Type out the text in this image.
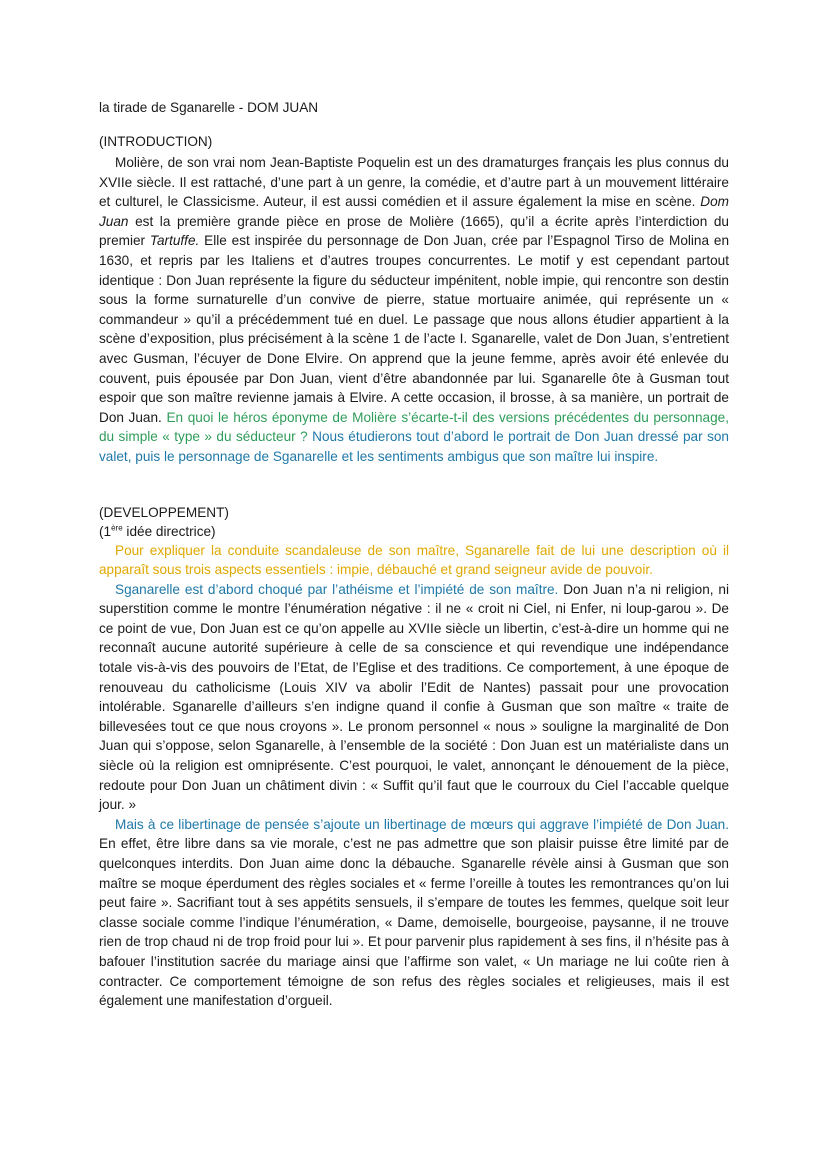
la tirade de Sganarelle - DOM JUAN
(INTRODUCTION)

Molière, de son vrai nom Jean-Baptiste Poquelin est un des dramaturges français les plus connus du XVIIe siècle. Il est rattaché, d’une part à un genre, la comédie, et d’autre part à un mouvement littéraire et culturel, le Classicisme. Auteur, il est aussi comédien et il assure également la mise en scène. Dom Juan est la première grande pièce en prose de Molière (1665), qu’il a écrite après l’interdiction du premier Tartuffe. Elle est inspirée du personnage de Don Juan, crée par l’Espagnol Tirso de Molina en 1630, et repris par les Italiens et d’autres troupes concurrentes. Le motif y est cependant partout identique : Don Juan représente la figure du séducteur impénitent, noble impie, qui rencontre son destin sous la forme surnaturelle d’un convive de pierre, statue mortuaire animée, qui représente un « commandeur » qu’il a précédemment tué en duel. Le passage que nous allons étudier appartient à la scène d’exposition, plus précisément à la scène 1 de l’acte I. Sganarelle, valet de Don Juan, s’entretient avec Gusman, l’écuyer de Done Elvire. On apprend que la jeune femme, après avoir été enlevée du couvent, puis épousée par Don Juan, vient d’être abandonnée par lui. Sganarelle ôte à Gusman tout espoir que son maître revienne jamais à Elvire. A cette occasion, il brosse, à sa manière, un portrait de Don Juan. En quoi le héros éponyme de Molière s’écarte-t-il des versions précédentes du personnage, du simple « type » du séducteur ? Nous étudierons tout d’abord le portrait de Don Juan dressé par son valet, puis le personnage de Sganarelle et les sentiments ambigus que son maître lui inspire.

(DEVELOPPEMENT)
(1ère idée directrice)

Pour expliquer la conduite scandaleuse de son maître, Sganarelle fait de lui une description où il apparaît sous trois aspects essentiels : impie, débauché et grand seigneur avide de pouvoir.

Sganarelle est d’abord choqué par l’athéisme et l’impiété de son maître. Don Juan n’a ni religion, ni superstition comme le montre l’énumération négative : il ne « croit ni Ciel, ni Enfer, ni loup-garou ». De ce point de vue, Don Juan est ce qu’on appelle au XVIIe siècle un libertin, c’est-à-dire un homme qui ne reconnaît aucune autorité supérieure à celle de sa conscience et qui revendique une indépendance totale vis-à-vis des pouvoirs de l’Etat, de l’Eglise et des traditions. Ce comportement, à une époque de renouveau du catholicisme (Louis XIV va abolir l’Edit de Nantes) passait pour une provocation intolérable. Sganarelle d’ailleurs s’en indigne quand il confie à Gusman que son maître « traite de billevesées tout ce que nous croyons ». Le pronom personnel « nous » souligne la marginalité de Don Juan qui s’oppose, selon Sganarelle, à l’ensemble de la société : Don Juan est un matérialiste dans un siècle où la religion est omniprésente. C’est pourquoi, le valet, annonçant le dénouement de la pièce, redoute pour Don Juan un châtiment divin : « Suffit qu’il faut que le courroux du Ciel l’accable quelque jour. »

Mais à ce libertinage de pensée s’ajoute un libertinage de mœurs qui aggrave l’impiété de Don Juan. En effet, être libre dans sa vie morale, c’est ne pas admettre que son plaisir puisse être limité par de quelconques interdits. Don Juan aime donc la débauche. Sganarelle révèle ainsi à Gusman que son maître se moque éperdument des règles sociales et « ferme l’oreille à toutes les remontrances qu’on lui peut faire ». Sacrifiant tout à ses appétits sensuels, il s’empare de toutes les femmes, quelque soit leur classe sociale comme l’indique l’énumération, « Dame, demoiselle, bourgeoise, paysanne, il ne trouve rien de trop chaud ni de trop froid pour lui ». Et pour parvenir plus rapidement à ses fins, il n’hésite pas à bafouer l’institution sacrée du mariage ainsi que l’affirme son valet, « Un mariage ne lui coûte rien à contracter. Ce comportement témoigne de son refus des règles sociales et religieuses, mais il est également une manifestation d’orgueil.
